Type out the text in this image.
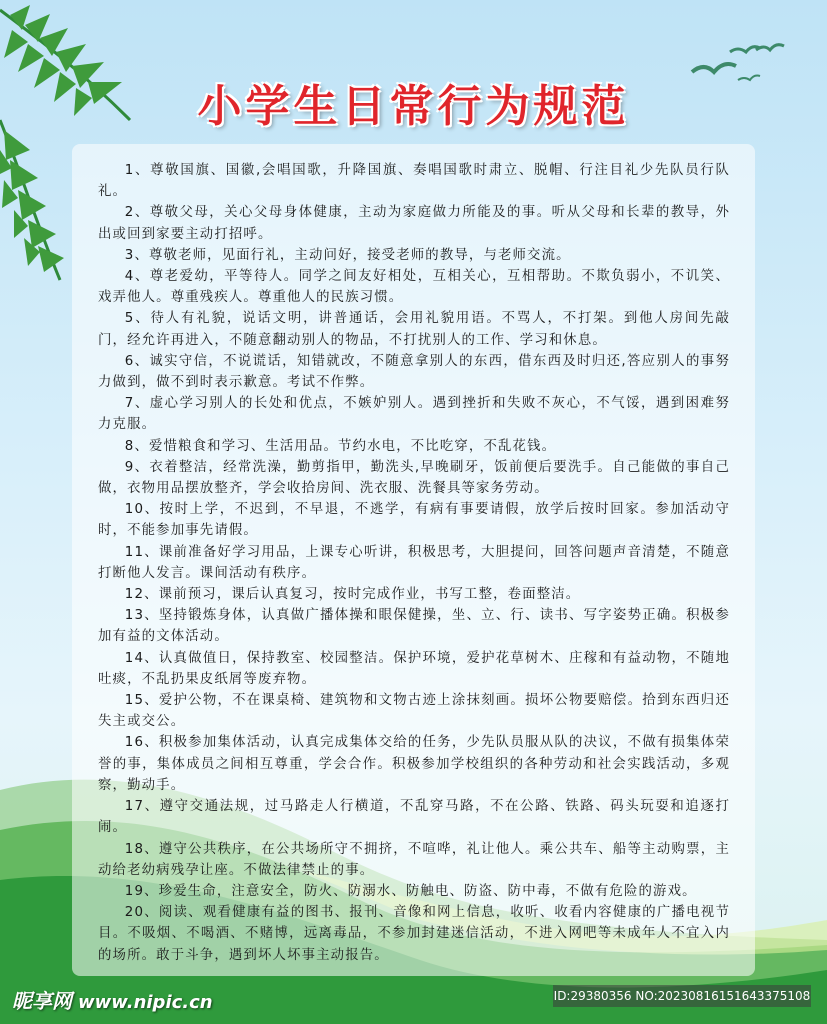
小学生日常行为规范
1、尊敬国旗、国徽,会唱国歌，升降国旗、奏唱国歌时肃立、脱帽、行注目礼少先队员行队礼。
2、尊敬父母，关心父母身体健康，主动为家庭做力所能及的事。听从父母和长辈的教导，外出或回到家要主动打招呼。
3、尊敬老师，见面行礼，主动问好，接受老师的教导，与老师交流。
4、尊老爱幼，平等待人。同学之间友好相处，互相关心，互相帮助。不欺负弱小，不讥笑、戏弄他人。尊重残疾人。尊重他人的民族习惯。
5、待人有礼貌，说话文明，讲普通话，会用礼貌用语。不骂人，不打架。到他人房间先敲门，经允许再进入，不随意翻动别人的物品，不打扰别人的工作、学习和休息。
6、诚实守信，不说谎话，知错就改，不随意拿别人的东西，借东西及时归还,答应别人的事努力做到，做不到时表示歉意。考试不作弊。
7、虚心学习别人的长处和优点，不嫉妒别人。遇到挫折和失败不灰心，不气馁，遇到困难努力克服。
8、爱惜粮食和学习、生活用品。节约水电，不比吃穿，不乱花钱。
9、衣着整洁，经常洗澡，勤剪指甲，勤洗头,早晚刷牙，饭前便后要洗手。自己能做的事自己做，衣物用品摆放整齐，学会收拾房间、洗衣服、洗餐具等家务劳动。
10、按时上学，不迟到，不早退，不逃学，有病有事要请假，放学后按时回家。参加活动守时，不能参加事先请假。
11、课前准备好学习用品，上课专心听讲，积极思考，大胆提问，回答问题声音清楚，不随意打断他人发言。课间活动有秩序。
12、课前预习，课后认真复习，按时完成作业，书写工整，卷面整洁。
13、坚持锻炼身体，认真做广播体操和眼保健操，坐、立、行、读书、写字姿势正确。积极参加有益的文体活动。
14、认真做值日，保持教室、校园整洁。保护环境，爱护花草树木、庄稼和有益动物，不随地吐痰，不乱扔果皮纸屑等废弃物。
15、爱护公物，不在课桌椅、建筑物和文物古迹上涂抹刻画。损坏公物要赔偿。拾到东西归还失主或交公。
16、积极参加集体活动，认真完成集体交给的任务，少先队员服从队的决议，不做有损集体荣誉的事，集体成员之间相互尊重，学会合作。积极参加学校组织的各种劳动和社会实践活动，多观察，勤动手。
17、遵守交通法规，过马路走人行横道，不乱穿马路，不在公路、铁路、码头玩耍和追逐打闹。
18、遵守公共秩序，在公共场所守不拥挤，不喧哗，礼让他人。乘公共车、船等主动购票，主动给老幼病残孕让座。不做法律禁止的事。
19、珍爱生命，注意安全，防火、防溺水、防触电、防盗、防中毒，不做有危险的游戏。
20、阅读、观看健康有益的图书、报刊、音像和网上信息，收听、收看内容健康的广播电视节目。不吸烟、不喝酒、不赌博，远离毒品，不参加封建迷信活动，不进入网吧等未成年人不宜入内的场所。敢于斗争，遇到坏人坏事主动报告。
昵享网 www.nipic.cn	ID:29380356 NO:20230816151643375108
